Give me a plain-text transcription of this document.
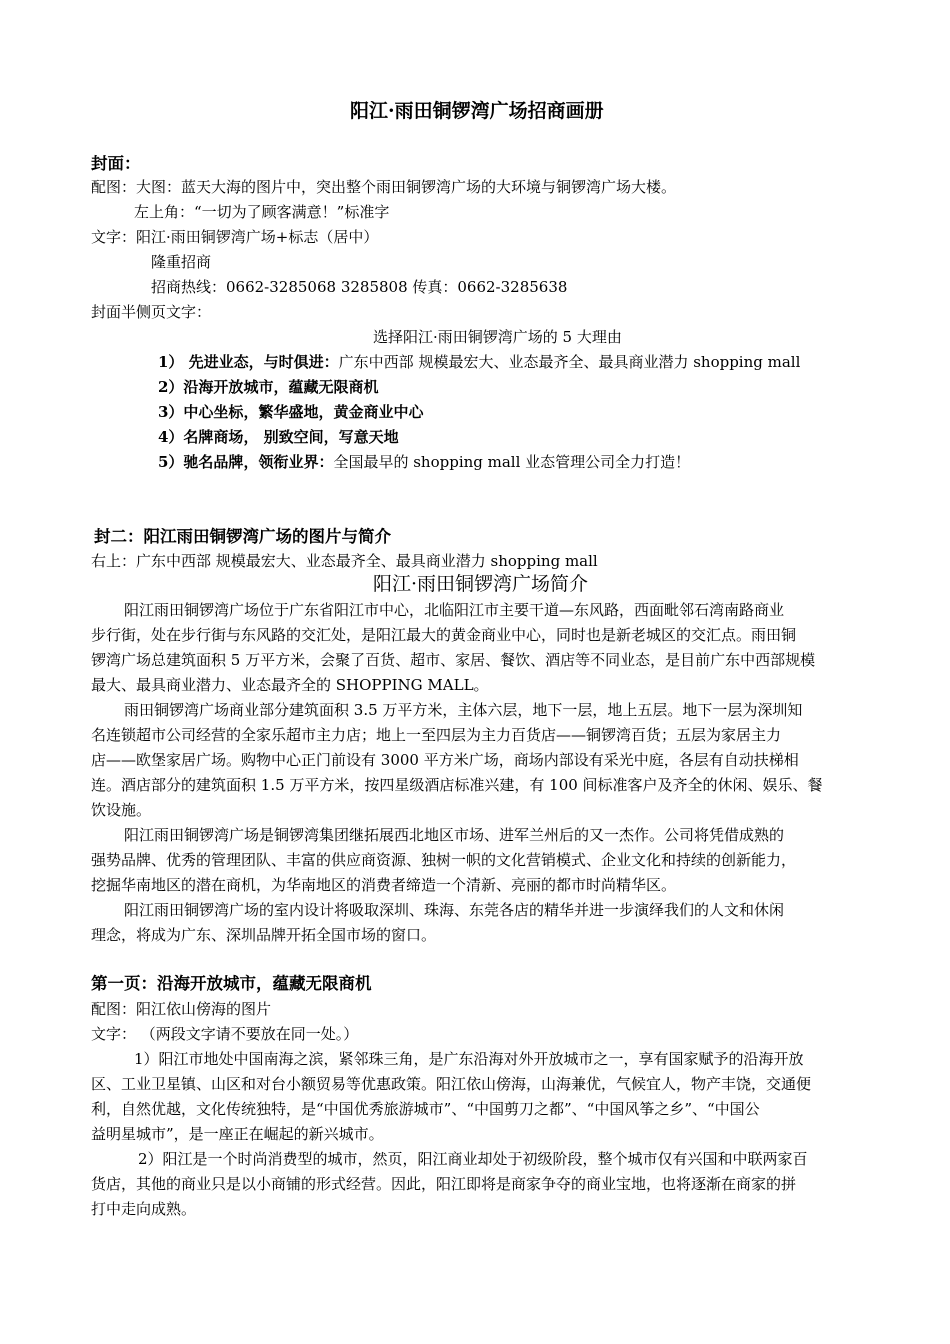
阳江·雨田铜锣湾广场招商画册
封面：
配图：大图：蓝天大海的图片中，突出整个雨田铜锣湾广场的大环境与铜锣湾广场大楼。
左上角：“一切为了顾客满意！”标准字
文字：阳江·雨田铜锣湾广场+标志（居中）
隆重招商
招商热线：0662-3285068 3285808 传真：0662-3285638
封面半侧页文字：
选择阳江·雨田铜锣湾广场的 5 大理由
1） 先进业态，与时俱进：广东中西部 规模最宏大、业态最齐全、最具商业潜力 shopping mall
2）沿海开放城市，蕴藏无限商机
3）中心坐标，繁华盛地，黄金商业中心
4）名牌商场， 别致空间，写意天地
5）驰名品牌，领衔业界：全国最早的 shopping mall 业态管理公司全力打造！
封二：阳江雨田铜锣湾广场的图片与简介
右上：广东中西部 规模最宏大、业态最齐全、最具商业潜力 shopping mall
阳江·雨田铜锣湾广场简介
阳江雨田铜锣湾广场位于广东省阳江市中心，北临阳江市主要干道—东风路，西面毗邻石湾南路商业
步行街，处在步行街与东风路的交汇处，是阳江最大的黄金商业中心，同时也是新老城区的交汇点。雨田铜
锣湾广场总建筑面积 5 万平方米，会聚了百货、超市、家居、餐饮、酒店等不同业态，是目前广东中西部规模
最大、最具商业潜力、业态最齐全的 SHOPPING MALL。
雨田铜锣湾广场商业部分建筑面积 3.5 万平方米，主体六层，地下一层，地上五层。地下一层为深圳知
名连锁超市公司经营的全家乐超市主力店；地上一至四层为主力百货店——铜锣湾百货；五层为家居主力
店——欧堡家居广场。购物中心正门前设有 3000 平方米广场，商场内部设有采光中庭，各层有自动扶梯相
连。酒店部分的建筑面积 1.5 万平方米，按四星级酒店标准兴建，有 100 间标准客户及齐全的休闲、娱乐、餐
饮设施。
阳江雨田铜锣湾广场是铜锣湾集团继拓展西北地区市场、进军兰州后的又一杰作。公司将凭借成熟的
强势品牌、优秀的管理团队、丰富的供应商资源、独树一帜的文化营销模式、企业文化和持续的创新能力，
挖掘华南地区的潜在商机，为华南地区的消费者缔造一个清新、亮丽的都市时尚精华区。
阳江雨田铜锣湾广场的室内设计将吸取深圳、珠海、东莞各店的精华并进一步演绎我们的人文和休闲
理念，将成为广东、深圳品牌开拓全国市场的窗口。
第一页：沿海开放城市，蕴藏无限商机
配图：阳江依山傍海的图片
文字： （两段文字请不要放在同一处。）
1）阳江市地处中国南海之滨，紧邻珠三角，是广东沿海对外开放城市之一，享有国家赋予的沿海开放
区、工业卫星镇、山区和对台小额贸易等优惠政策。阳江依山傍海，山海兼优，气候宜人，物产丰饶，交通便
利，自然优越，文化传统独特，是“中国优秀旅游城市”、“中国剪刀之都”、“中国风筝之乡”、“中国公
益明星城市”，是一座正在崛起的新兴城市。
2）阳江是一个时尚消费型的城市，然页，阳江商业却处于初级阶段，整个城市仅有兴国和中联两家百
货店，其他的商业只是以小商铺的形式经营。因此，阳江即将是商家争夺的商业宝地，也将逐渐在商家的拼
打中走向成熟。
